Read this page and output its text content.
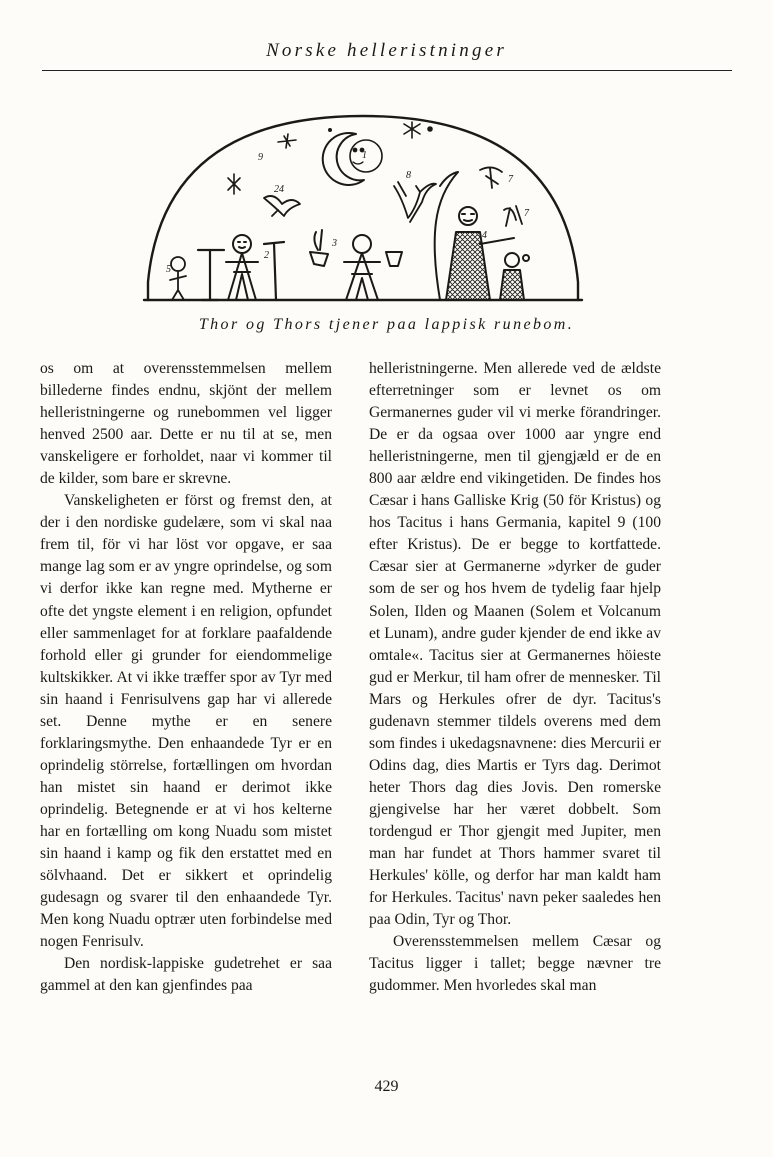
Norske helleristninger
1
2
3
4
5
7
7
8
9
24
Thor og Thors tjener paa lappisk runebom.

os om at overensstemmelsen mellem billederne findes endnu, skjönt der mellem helleristningerne og runebommen vel ligger henved 2500 aar. Dette er nu til at se, men vanskeligere er forholdet, naar vi kommer til de kilder, som bare er skrevne.

Vanskeligheten er först og fremst den, at der i den nordiske gudelære, som vi skal naa frem til, för vi har löst vor opgave, er saa mange lag som er av yngre oprindelse, og som vi derfor ikke kan regne med. Mytherne er ofte det yngste element i en religion, opfundet eller sammenlaget for at forklare paafaldende forhold eller gi grunder for eiendommelige kultskikker. At vi ikke træffer spor av Tyr med sin haand i Fenrisulvens gap har vi allerede set. Denne mythe er en senere forklaringsmythe. Den enhaandede Tyr er en oprindelig störrelse, fortællingen om hvordan han mistet sin haand er derimot ikke oprindelig. Betegnende er at vi hos kelterne har en fortælling om kong Nuadu som mistet sin haand i kamp og fik den erstattet med en sölvhaand. Det er sikkert et oprindelig gudesagn og svarer til den enhaandede Tyr. Men kong Nuadu optrær uten forbindelse med nogen Fenrisulv.

Den nordisk-lappiske gudetrehet er saa gammel at den kan gjenfindes paa

helleristningerne. Men allerede ved de ældste efterretninger som er levnet os om Germanernes guder vil vi merke förandringer. De er da ogsaa over 1000 aar yngre end helleristningerne, men til gjengjæld er de en 800 aar ældre end vikingetiden. De findes hos Cæsar i hans Galliske Krig (50 för Kristus) og hos Tacitus i hans Germania, kapitel 9 (100 efter Kristus). De er begge to kortfattede. Cæsar sier at Germanerne »dyrker de guder som de ser og hos hvem de tydelig faar hjelp Solen, Ilden og Maanen (Solem et Volcanum et Lunam), andre guder kjender de end ikke av omtale«. Tacitus sier at Germanernes höieste gud er Merkur, til ham ofrer de mennesker. Til Mars og Herkules ofrer de dyr. Tacitus's gudenavn stemmer tildels overens med dem som findes i ukedagsnavnene: dies Mercurii er Odins dag, dies Martis er Tyrs dag. Derimot heter Thors dag dies Jovis. Den romerske gjengivelse har her været dobbelt. Som tordengud er Thor gjengit med Jupiter, men man har fundet at Thors hammer svaret til Herkules' kölle, og derfor har man kaldt ham for Herkules. Tacitus' navn peker saaledes hen paa Odin, Tyr og Thor.

Overensstemmelsen mellem Cæsar og Tacitus ligger i tallet; begge nævner tre gudommer. Men hvorledes skal man

429
